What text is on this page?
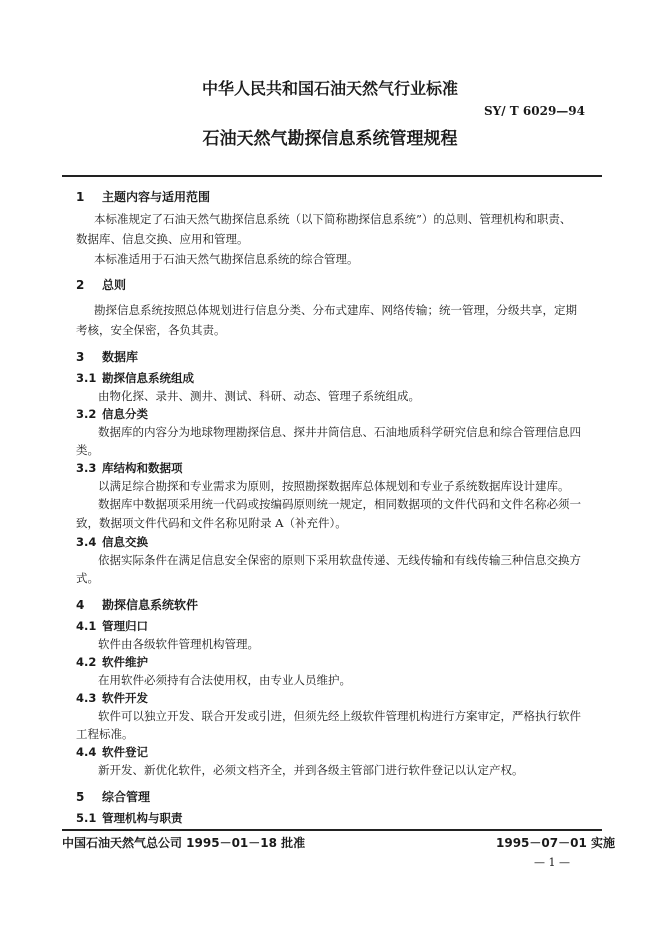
中华人民共和国石油天然气行业标准
SY/ T 6029—94
石油天然气勘探信息系统管理规程
1 主题内容与适用范围
本标准规定了石油天然气勘探信息系统（以下简称勘探信息系统”）的总则、管理机构和职责、
数据库、信息交换、应用和管理。
本标准适用于石油天然气勘探信息系统的综合管理。
2 总则
勘探信息系统按照总体规划进行信息分类、分布式建库、网络传输；统一管理，分级共享，定期
考核，安全保密，各负其责。
3 数据库
3.1 勘探信息系统组成
由物化探、录井、测井、测试、科研、动态、管理子系统组成。
3.2 信息分类
数据库的内容分为地球物理勘探信息、探井井筒信息、石油地质科学研究信息和综合管理信息四
类。
3.3 库结构和数据项
以满足综合勘探和专业需求为原则，按照勘探数据库总体规划和专业子系统数据库设计建库。
数据库中数据项采用统一代码或按编码原则统一规定，相同数据项的文件代码和文件名称必须一
致，数据项文件代码和文件名称见附录 A（补充件）。
3.4 信息交换
依据实际条件在满足信息安全保密的原则下采用软盘传递、无线传输和有线传输三种信息交换方
式。
4 勘探信息系统软件
4.1 管理归口
软件由各级软件管理机构管理。
4.2 软件维护
在用软件必须持有合法使用权，由专业人员维护。
4.3 软件开发
软件可以独立开发、联合开发或引进，但须先经上级软件管理机构进行方案审定，严格执行软件
工程标准。
4.4 软件登记
新开发、新优化软件，必须文档齐全，并到各级主管部门进行软件登记以认定产权。
5 综合管理
5.1 管理机构与职责
中国石油天然气总公司 1995－01－18 批准	1995－07－01 实施
— 1 —
